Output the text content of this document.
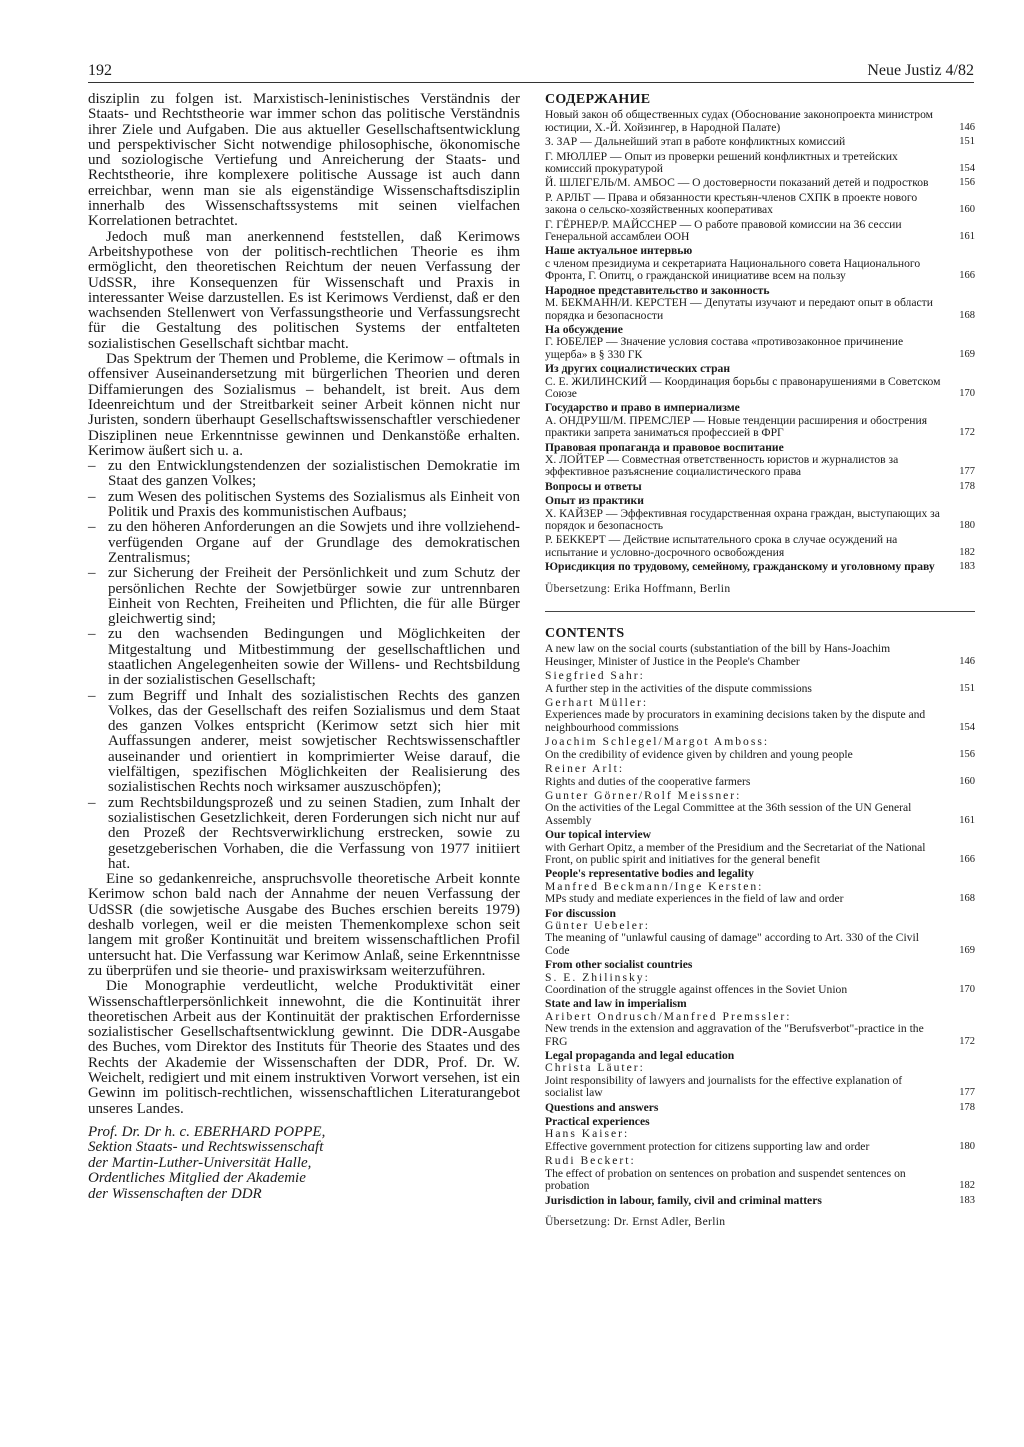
192	Neue Justiz 4/82

disziplin zu folgen ist. Marxistisch-leninistisches Verständnis der Staats- und Rechtstheorie war immer schon das politische Verständnis ihrer Ziele und Aufgaben. Die aus aktueller Gesellschaftsentwicklung und perspektivischer Sicht notwendige philosophische, ökonomische und soziologische Vertiefung und Anreicherung der Staats- und Rechtstheorie, ihre komplexere politische Aussage ist auch dann erreichbar, wenn man sie als eigenständige Wissenschaftsdisziplin innerhalb des Wissenschaftssystems mit seinen vielfachen Korrelationen betrachtet.

Jedoch muß man anerkennend feststellen, daß Kerimows Arbeitshypothese von der politisch-rechtlichen Theorie es ihm ermöglicht, den theoretischen Reichtum der neuen Verfassung der UdSSR, ihre Konsequenzen für Wissenschaft und Praxis in interessanter Weise darzustellen. Es ist Kerimows Verdienst, daß er den wachsenden Stellenwert von Verfassungstheorie und Verfassungsrecht für die Gestaltung des politischen Systems der entfalteten sozialistischen Gesellschaft sichtbar macht.

Das Spektrum der Themen und Probleme, die Kerimow – oftmals in offensiver Auseinandersetzung mit bürgerlichen Theorien und deren Diffamierungen des Sozialismus – behandelt, ist breit. Aus dem Ideenreichtum und der Streitbarkeit seiner Arbeit können nicht nur Juristen, sondern überhaupt Gesellschaftswissenschaftler verschiedener Disziplinen neue Erkenntnisse gewinnen und Denkanstöße erhalten. Kerimow äußert sich u. a.

– zu den Entwicklungstendenzen der sozialistischen Demokratie im Staat des ganzen Volkes;
– zum Wesen des politischen Systems des Sozialismus als Einheit von Politik und Praxis des kommunistischen Aufbaus;
– zu den höheren Anforderungen an die Sowjets und ihre vollziehend-verfügenden Organe auf der Grundlage des demokratischen Zentralismus;
– zur Sicherung der Freiheit der Persönlichkeit und zum Schutz der persönlichen Rechte der Sowjetbürger sowie zur untrennbaren Einheit von Rechten, Freiheiten und Pflichten, die für alle Bürger gleichwertig sind;
– zu den wachsenden Bedingungen und Möglichkeiten der Mitgestaltung und Mitbestimmung der gesellschaftlichen und staatlichen Angelegenheiten sowie der Willens- und Rechtsbildung in der sozialistischen Gesellschaft;
– zum Begriff und Inhalt des sozialistischen Rechts des ganzen Volkes, das der Gesellschaft des reifen Sozialismus und dem Staat des ganzen Volkes entspricht (Kerimow setzt sich hier mit Auffassungen anderer, meist sowjetischer Rechtswissenschaftler auseinander und orientiert in komprimierter Weise darauf, die vielfältigen, spezifischen Möglichkeiten der Realisierung des sozialistischen Rechts noch wirksamer auszuschöpfen);
– zum Rechtsbildungsprozeß und zu seinen Stadien, zum Inhalt der sozialistischen Gesetzlichkeit, deren Forderungen sich nicht nur auf den Prozeß der Rechtsverwirklichung erstrecken, sowie zu gesetzgeberischen Vorhaben, die die Verfassung von 1977 initiiert hat.

Eine so gedankenreiche, anspruchsvolle theoretische Arbeit konnte Kerimow schon bald nach der Annahme der neuen Verfassung der UdSSR (die sowjetische Ausgabe des Buches erschien bereits 1979) deshalb vorlegen, weil er die meisten Themenkomplexe schon seit langem mit großer Kontinuität und breitem wissenschaftlichen Profil untersucht hat. Die Verfassung war Kerimow Anlaß, seine Erkenntnisse zu überprüfen und sie theorie- und praxiswirksam weiterzuführen.

Die Monographie verdeutlicht, welche Produktivität einer Wissenschaftlerpersönlichkeit innewohnt, die die Kontinuität ihrer theoretischen Arbeit aus der Kontinuität der praktischen Erfordernisse sozialistischer Gesellschaftsentwicklung gewinnt. Die DDR-Ausgabe des Buches, vom Direktor des Instituts für Theorie des Staates und des Rechts der Akademie der Wissenschaften der DDR, Prof. Dr. W. Weichelt, redigiert und mit einem instruktiven Vorwort versehen, ist ein Gewinn im politisch-rechtlichen, wissenschaftlichen Literaturangebot unseres Landes.

Prof. Dr. Dr h. c. EBERHARD POPPE,
Sektion Staats- und Rechtswissenschaft
der Martin-Luther-Universität Halle,
Ordentliches Mitglied der Akademie
der Wissenschaften der DDR
СОДЕРЖАНИЕ
Новый закон об общественных судах (Обоснование законопроекта министром юстиции, Х.-Й. Хойзингер, в Народной Палате)	146
З. ЗАР — Дальнейший этап в работе конфликтных комиссий	151
Г. МЮЛЛЕР — Опыт из проверки решений конфликтных и третейских комиссий прокуратурой	154
Й. ШЛЕГЕЛЬ/М. АМБОС — О достоверности показаний детей и подростков	156
Р. АРЛЬТ — Права и обязанности крестьян-членов СХПК в проекте нового закона о сельско-хозяйственных кооперативах	160
Г. ГЁРНЕР/Р. МАЙССНЕР — О работе правовой комиссии на 36 сессии Генеральной ассамблеи ООН	161
Наше актуальное интервью
с членом президиума и секретариата Национального совета Национального Фронта, Г. Опитц, о гражданской инициативе всем на пользу	166
Народное представительство и законность
М. БЕКМАНН/И. КЕРСТЕН — Депутаты изучают и передают опыт в области порядка и безопасности	168
На обсуждение
Г. ЮБЕЛЕР — Значение условия состава «противозаконное причинение ущерба» в § 330 ГК	169
Из других социалистических стран
С. Е. ЖИЛИНСКИЙ — Координация борьбы с правонарушениями в Советском Союзе	170
Государство и право в империализме
А. ОНДРУШ/М. ПРЕМСЛЕР — Новые тенденции расширения и обострения практики запрета заниматься профессией в ФРГ	172
Правовая пропаганда и правовое воспитание
Х. ЛОЙТЕР — Совместная ответственность юристов и журналистов за эффективное разъяснение социалистического права	177
Вопросы и ответы	178
Опыт из практики
Х. КАЙЗЕР — Эффективная государственная охрана граждан, выступающих за порядок и безопасность	180
Р. БЕККЕРТ — Действие испытательного срока в случае осуждений на испытание и условно-досрочного освобождения	182
Юрисдикция по трудовому, семейному, гражданскому и уголовному праву	183
Übersetzung: Erika Hoffmann, Berlin
CONTENTS
A new law on the social courts (substantiation of the bill by Hans-Joachim Heusinger, Minister of Justice in the People's Chamber	146
Siegfried Sahr:
A further step in the activities of the dispute commissions	151
Gerhart Müller:
Experiences made by procurators in examining decisions taken by the dispute and neighbourhood commissions	154
Joachim Schlegel/Margot Amboss:
On the credibility of evidence given by children and young people	156
Reiner Arlt:
Rights and duties of the cooperative farmers	160
Gunter Görner/Rolf Meissner:
On the activities of the Legal Committee at the 36th session of the UN General Assembly	161
Our topical interview
with Gerhart Opitz, a member of the Presidium and the Secretariat of the National Front, on public spirit and initiatives for the general benefit	166
People's representative bodies and legality
Manfred Beckmann/Inge Kersten:
MPs study and mediate experiences in the field of law and order	168
For discussion
Günter Uebeler:
The meaning of "unlawful causing of damage" according to Art. 330 of the Civil Code	169
From other socialist countries
S. E. Zhilinsky:
Coordination of the struggle against offences in the Soviet Union	170
State and law in imperialism
Aribert Ondrusch/Manfred Premssler:
New trends in the extension and aggravation of the "Berufsverbot"-practice in the FRG	172
Legal propaganda and legal education
Christa Läuter:
Joint responsibility of lawyers and journalists for the effective explanation of socialist law	177
Questions and answers	178
Practical experiences
Hans Kaiser:
Effective government protection for citizens supporting law and order	180
Rudi Beckert:
The effect of probation on sentences on probation and suspendet sentences on probation	182
Jurisdiction in labour, family, civil and criminal matters	183
Übersetzung: Dr. Ernst Adler, Berlin
